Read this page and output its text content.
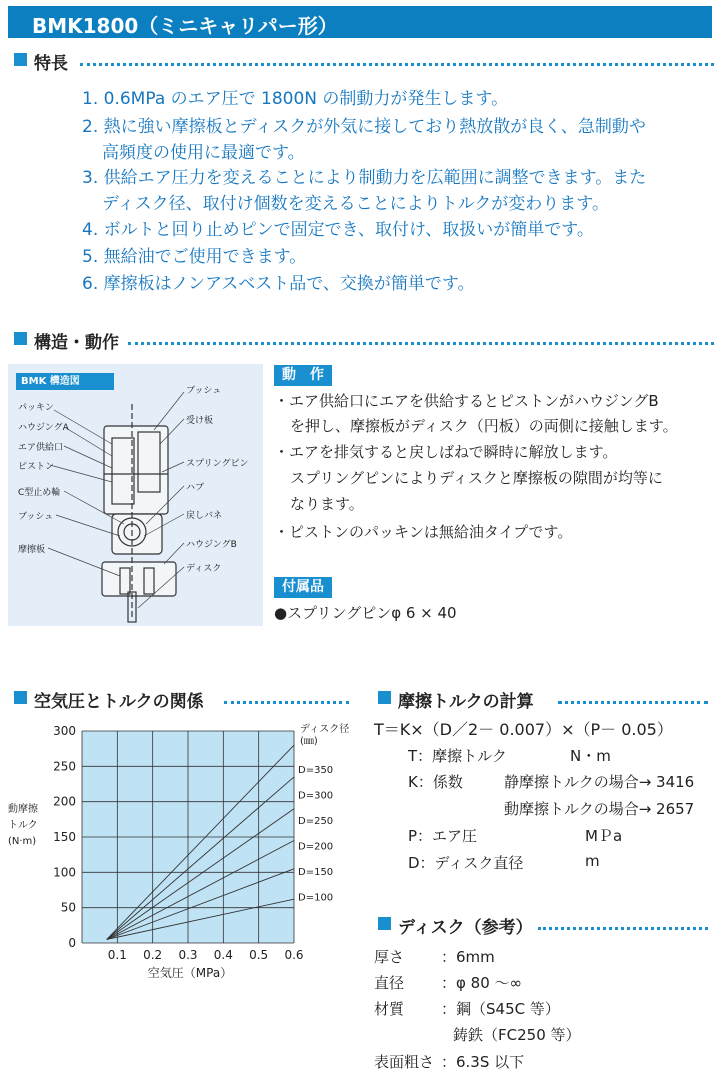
BMK1800（ミニキャリパー形）
特長
1. 0.6MPa のエア圧で 1800N の制動力が発生します。
2. 熱に強い摩擦板とディスクが外気に接しており熱放散が良く、急制動や
高頻度の使用に最適です。
3. 供給エア圧力を変えることにより制動力を広範囲に調整できます。また
ディスク径、取付け個数を変えることによりトルクが変わります。
4. ボルトと回り止めピンで固定でき、取付け、取扱いが簡単です。
5. 無給油でご使用できます。
6. 摩擦板はノンアスベスト品で、交換が簡単です。
構造・動作
BMK 構造図
パッキン
ハウジングA
エア供給口
ピストン
C型止め輪
ブッシュ
摩擦板
ブッシュ
受け板
スプリングピン
ハブ
戻しバネ
ハウジングB
ディスク
動　作
・エア供給口にエアを供給するとピストンがハウジングB
を押し、摩擦板がディスク（円板）の両側に接触します。
・エアを排気すると戻しばねで瞬時に解放します。
スプリングピンによりディスクと摩擦板の隙間が均等に
なります。
・ピストンのパッキンは無給油タイプです。
付属品
●スプリングピンφ 6 × 40
空気圧とトルクの関係
0
50
100
150
200
250
300
0.1 0.2 0.3 0.4 0.5 0.6
D=350
D=300
D=250
D=200
D=150
D=100
ディスク径
(㎜)
動摩擦
トルク
(N·m)
空気圧（MPa）
摩擦トルクの計算
T＝K×（D／2－ 0.007）×（P－ 0.05）
T：摩擦トルク	N・m
K：係数	静摩擦トルクの場合→ 3416
動摩擦トルクの場合→ 2657
P：エア圧	MＰa
D：ディスク直径	m
ディスク（参考）
厚さ ：6mm
直径 ：φ 80 ～∞
材質 ：鋼（S45C 等）
鋳鉄（FC250 等）
表面粗さ ：6.3S 以下
